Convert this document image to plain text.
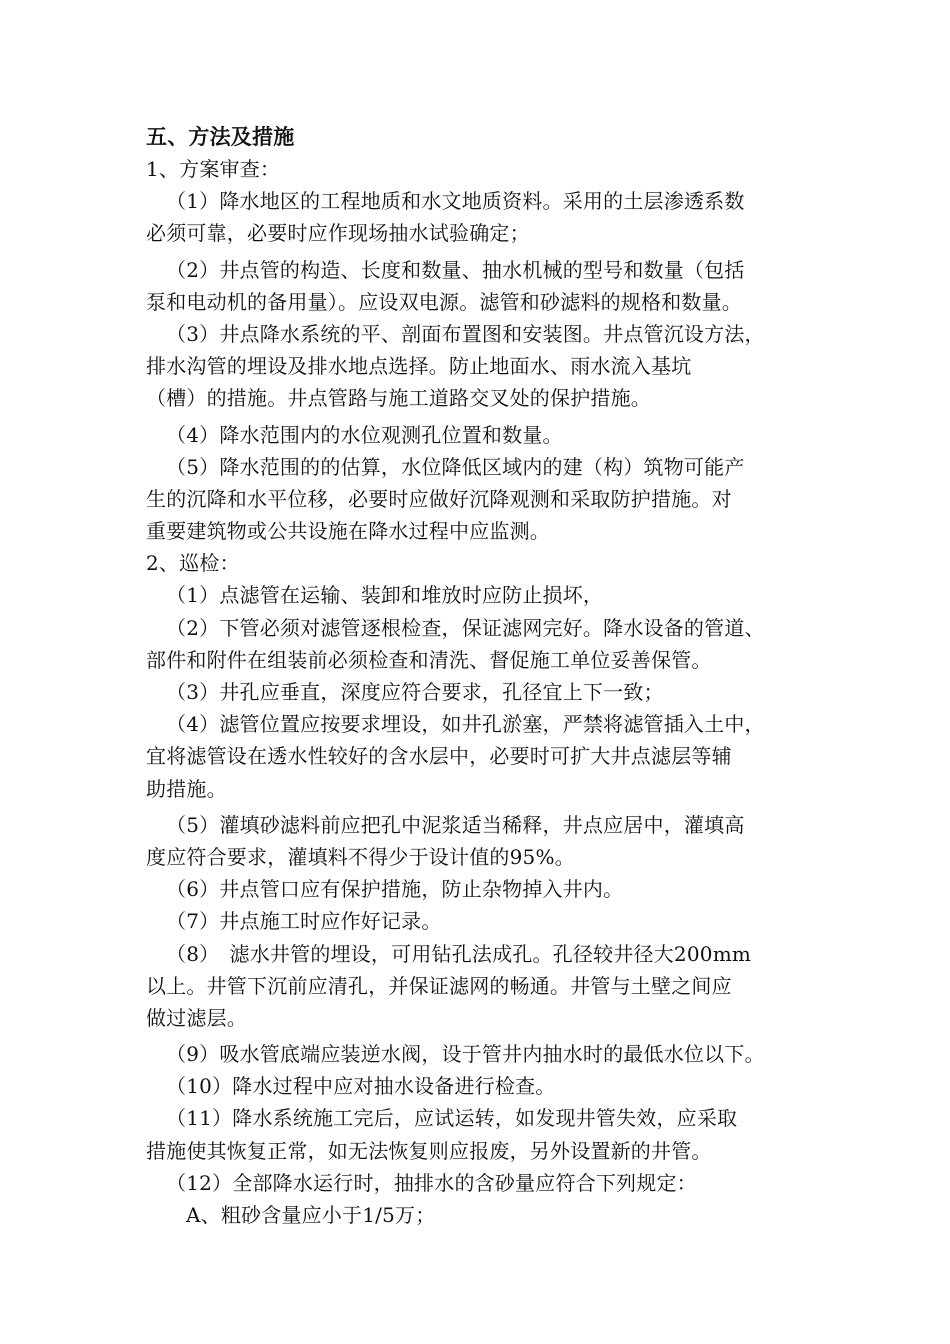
五、方法及措施
1、方案审查：
（1）降水地区的工程地质和水文地质资料。采用的土层渗透系数
必须可靠，必要时应作现场抽水试验确定；
（2）井点管的构造、长度和数量、抽水机械的型号和数量（包括
泵和电动机的备用量）。应设双电源。滤管和砂滤料的规格和数量。
（3）井点降水系统的平、剖面布置图和安装图。井点管沉设方法，
排水沟管的埋设及排水地点选择。防止地面水、雨水流入基坑
（槽）的措施。井点管路与施工道路交叉处的保护措施。
（4）降水范围内的水位观测孔位置和数量。
（5）降水范围的的估算，水位降低区域内的建（构）筑物可能产
生的沉降和水平位移，必要时应做好沉降观测和采取防护措施。对
重要建筑物或公共设施在降水过程中应监测。
2、巡检：
（1）点滤管在运输、装卸和堆放时应防止损坏，
（2）下管必须对滤管逐根检查，保证滤网完好。降水设备的管道、
部件和附件在组装前必须检查和清洗、督促施工单位妥善保管。
（3）井孔应垂直，深度应符合要求，孔径宜上下一致；
（4）滤管位置应按要求埋设，如井孔淤塞，严禁将滤管插入土中，
宜将滤管设在透水性较好的含水层中，必要时可扩大井点滤层等辅
助措施。
（5）灌填砂滤料前应把孔中泥浆适当稀释，井点应居中，灌填高
度应符合要求，灌填料不得少于设计值的95%。
（6）井点管口应有保护措施，防止杂物掉入井内。
（7）井点施工时应作好记录。
（8）　滤水井管的埋设，可用钻孔法成孔。孔径较井径大200mm
以上。井管下沉前应清孔，并保证滤网的畅通。井管与土壁之间应
做过滤层。
（9）吸水管底端应装逆水阀，设于管井内抽水时的最低水位以下。
（10）降水过程中应对抽水设备进行检查。
（11）降水系统施工完后，应试运转，如发现井管失效，应采取
措施使其恢复正常，如无法恢复则应报废，另外设置新的井管。
（12）全部降水运行时，抽排水的含砂量应符合下列规定：
A、粗砂含量应小于1/5万；
